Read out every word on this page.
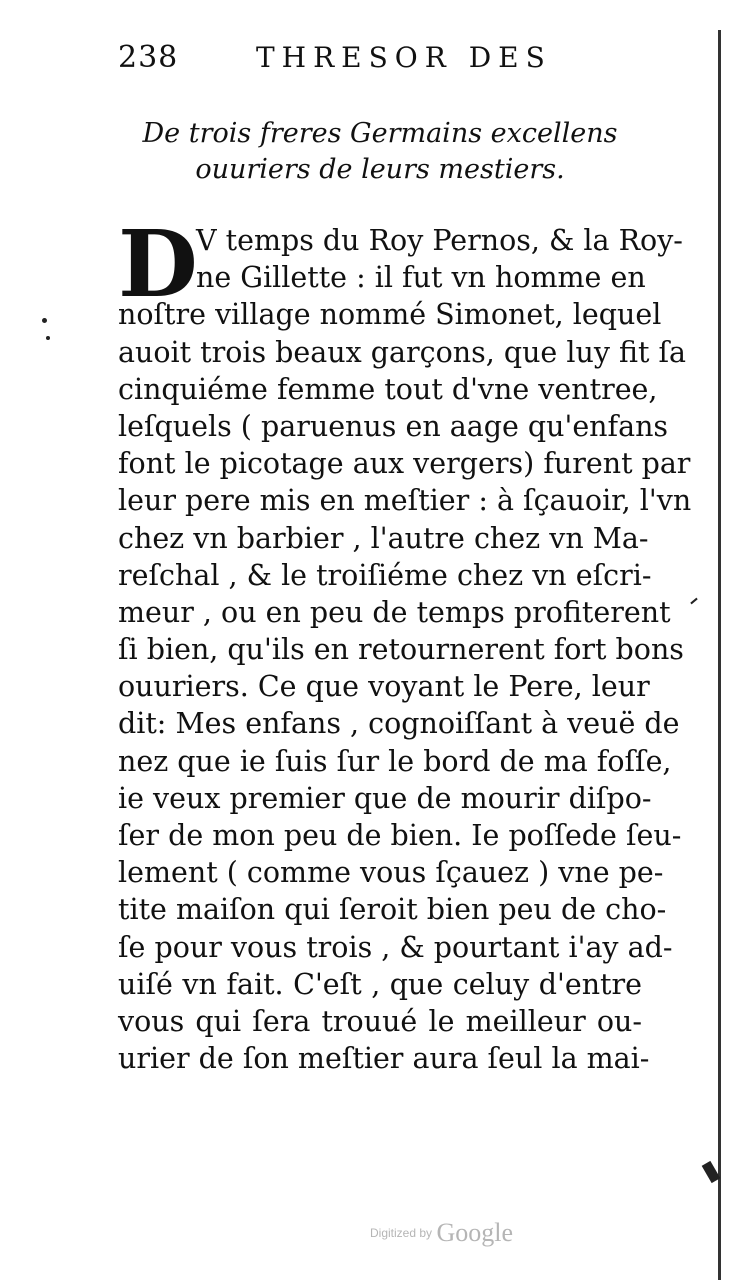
238	THRESOR DES
De trois freres Germains excellens
ouuriers de leurs mestiers.
D
V temps du Roy Pernos, & la Roy-
ne Gillette : il fut vn homme en
noſtre village nommé Simonet, lequel
auoit trois beaux garçons, que luy fit ſa
cinquiéme femme tout d'vne ventree,
leſquels ( paruenus en aage qu'enfans
font le picotage aux vergers) furent par
leur pere mis en meſtier : à ſçauoir, l'vn
chez vn barbier , l'autre chez vn Ma-
reſchal , & le troiſiéme chez vn eſcri-
meur , ou en peu de temps profiterent
ſi bien, qu'ils en retournerent fort bons
ouuriers. Ce que voyant le Pere, leur
dit: Mes enfans , cognoiſſant à veuë de
nez que ie ſuis ſur le bord de ma foſſe,
ie veux premier que de mourir diſpo-
ſer de mon peu de bien. Ie poſſede ſeu-
lement ( comme vous ſçauez ) vne pe-
tite maiſon qui ſeroit bien peu de cho-
ſe pour vous trois , & pourtant i'ay ad-
uiſé vn fait. C'eſt , que celuy d'entre
vous qui ſera trouué le meilleur ou-
urier de ſon meſtier aura ſeul la mai-
Digitized by Google
